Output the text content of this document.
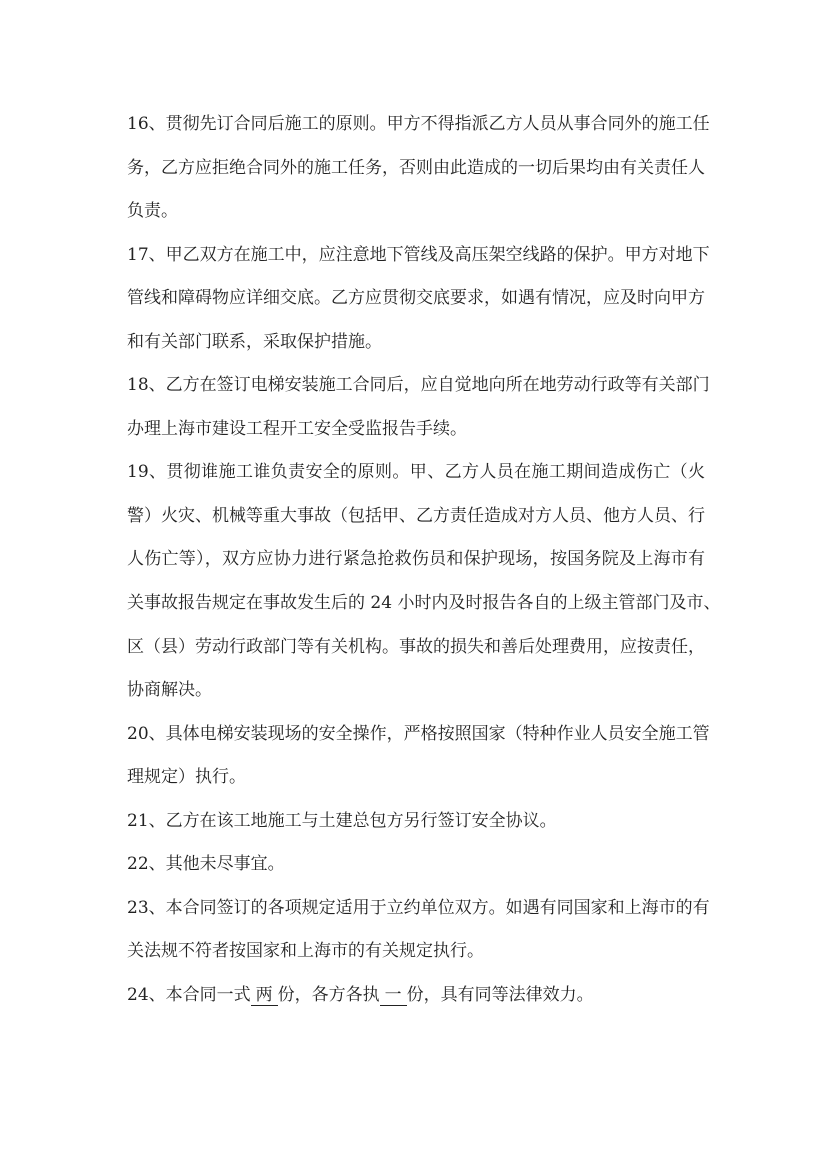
16、贯彻先订合同后施工的原则。甲方不得指派乙方人员从事合同外的施工任
务，乙方应拒绝合同外的施工任务，否则由此造成的一切后果均由有关责任人
负责。
17、甲乙双方在施工中，应注意地下管线及高压架空线路的保护。甲方对地下
管线和障碍物应详细交底。乙方应贯彻交底要求，如遇有情况，应及时向甲方
和有关部门联系，采取保护措施。
18、乙方在签订电梯安装施工合同后，应自觉地向所在地劳动行政等有关部门
办理上海市建设工程开工安全受监报告手续。
19、贯彻谁施工谁负责安全的原则。甲、乙方人员在施工期间造成伤亡（火
警）火灾、机械等重大事故（包括甲、乙方责任造成对方人员、他方人员、行
人伤亡等），双方应协力进行紧急抢救伤员和保护现场，按国务院及上海市有
关事故报告规定在事故发生后的 24 小时内及时报告各自的上级主管部门及市、
区（县）劳动行政部门等有关机构。事故的损失和善后处理费用，应按责任，
协商解决。
20、具体电梯安装现场的安全操作，严格按照国家（特种作业人员安全施工管
理规定）执行。
21、乙方在该工地施工与土建总包方另行签订安全协议。
22、其他未尽事宜。
23、本合同签订的各项规定适用于立约单位双方。如遇有同国家和上海市的有
关法规不符者按国家和上海市的有关规定执行。
24、本合同一式 两 份，各方各执 一 份，具有同等法律效力。
